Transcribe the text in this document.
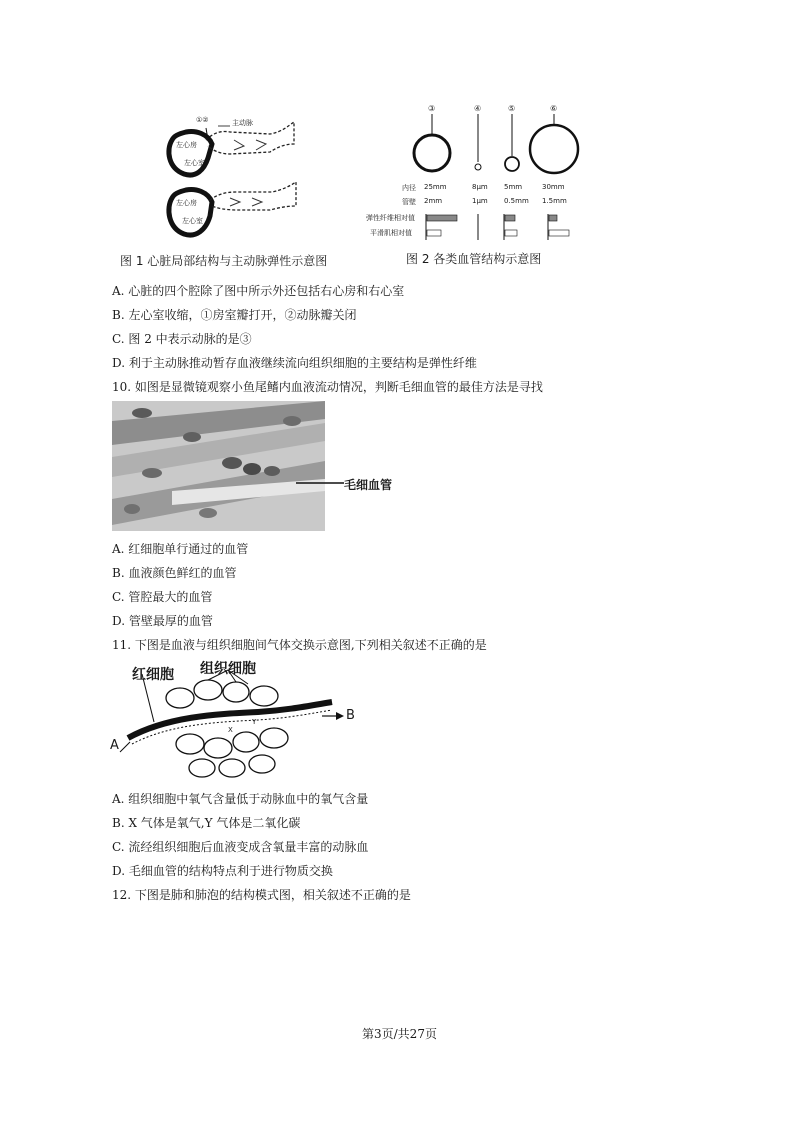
①②	主动脉
左心房
左心室
左心房
左心室
图 1 心脏局部结构与主动脉弹性示意图
③	④	⑤	⑥
内径 25mm	8μm 5mm	30mm
管壁 2mm	1μm 0.5mm 1.5mm
弹性纤维相对值
平滑肌相对值
图 2 各类血管结构示意图
A. 心脏的四个腔除了图中所示外还包括右心房和右心室
B. 左心室收缩，①房室瓣打开，②动脉瓣关闭
C. 图 2 中表示动脉的是③
D. 利于主动脉推动暂存血液继续流向组织细胞的主要结构是弹性纤维
10. 如图是显微镜观察小鱼尾鳍内血液流动情况，判断毛细血管的最佳方法是寻找
毛细血管
A. 红细胞单行通过的血管
B. 血液颜色鲜红的血管
C. 管腔最大的血管
D. 管壁最厚的血管
11. 下图是血液与组织细胞间气体交换示意图,下列相关叙述不正确的是
红细胞 组织细胞
A
B
X
Y
A. 组织细胞中氧气含量低于动脉血中的氧气含量
B. X 气体是氧气,Y 气体是二氧化碳
C. 流经组织细胞后血液变成含氧量丰富的动脉血
D. 毛细血管的结构特点利于进行物质交换
12. 下图是肺和肺泡的结构模式图，相关叙述不正确的是
第3页/共27页
